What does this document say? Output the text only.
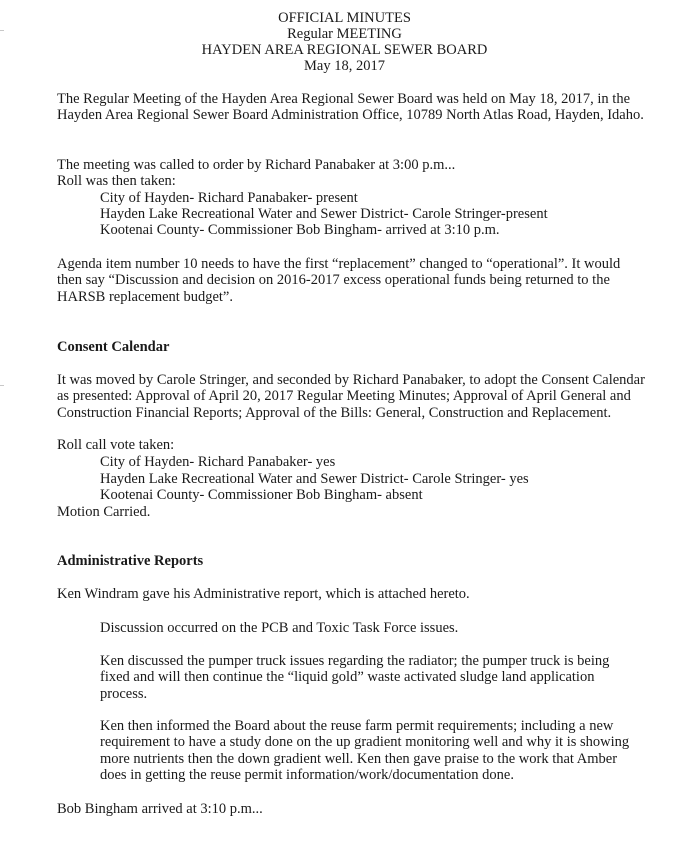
OFFICIAL MINUTES
Regular MEETING
HAYDEN AREA REGIONAL SEWER BOARD
May 18, 2017
The Regular Meeting of the Hayden Area Regional Sewer Board was held on May 18, 2017, in the Hayden Area Regional Sewer Board Administration Office, 10789 North Atlas Road, Hayden, Idaho.
The meeting was called to order by Richard Panabaker at 3:00 p.m...
Roll was then taken:
City of Hayden- Richard Panabaker- present
Hayden Lake Recreational Water and Sewer District- Carole Stringer-present
Kootenai County- Commissioner Bob Bingham- arrived at 3:10 p.m.
Agenda item number 10 needs to have the first “replacement” changed to “operational”. It would then say “Discussion and decision on 2016-2017 excess operational funds being returned to the HARSB replacement budget”.
Consent Calendar
It was moved by Carole Stringer, and seconded by Richard Panabaker, to adopt the Consent Calendar as presented: Approval of April 20, 2017 Regular Meeting Minutes; Approval of April General and Construction Financial Reports; Approval of the Bills: General, Construction and Replacement.
Roll call vote taken:
City of Hayden- Richard Panabaker- yes
Hayden Lake Recreational Water and Sewer District- Carole Stringer- yes
Kootenai County- Commissioner Bob Bingham- absent
Motion Carried.
Administrative Reports
Ken Windram gave his Administrative report, which is attached hereto.
Discussion occurred on the PCB and Toxic Task Force issues.
Ken discussed the pumper truck issues regarding the radiator; the pumper truck is being fixed and will then continue the “liquid gold” waste activated sludge land application process.
Ken then informed the Board about the reuse farm permit requirements; including a new requirement to have a study done on the up gradient monitoring well and why it is showing more nutrients then the down gradient well. Ken then gave praise to the work that Amber does in getting the reuse permit information/work/documentation done.
Bob Bingham arrived at 3:10 p.m...
